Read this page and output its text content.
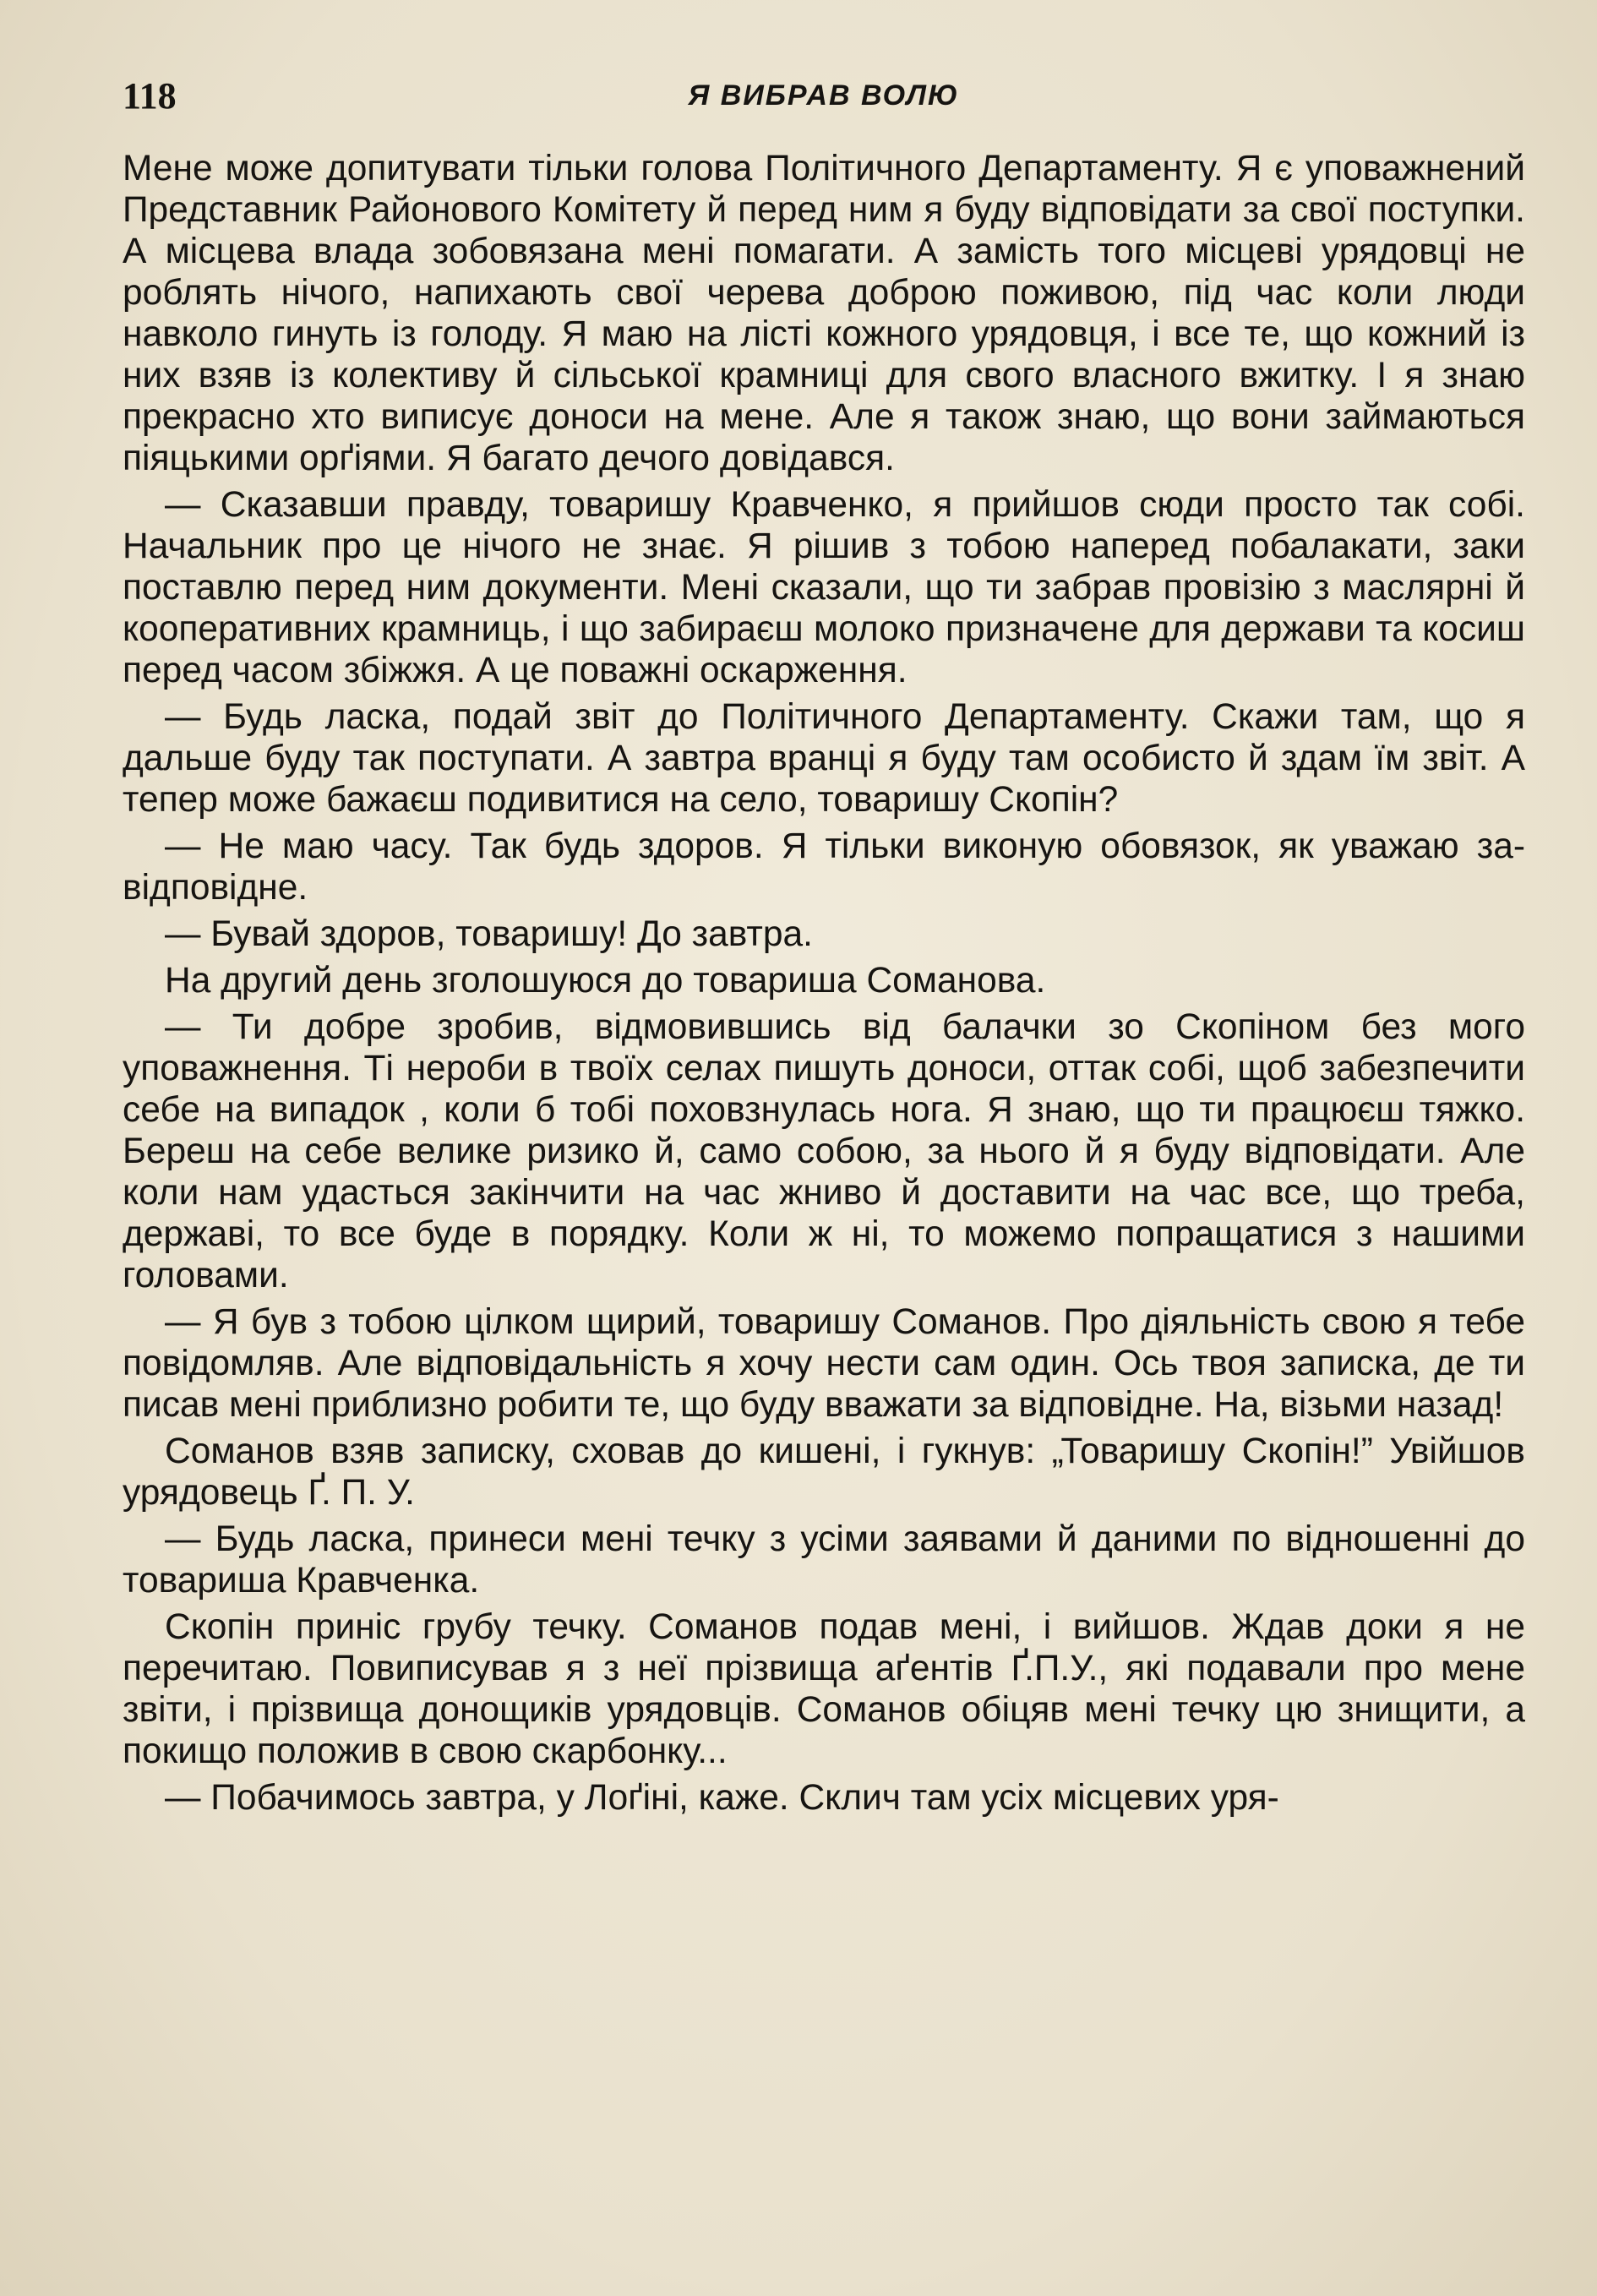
118	Я ВИБРАВ ВОЛЮ

Мене може допитувати тільки голова Політичного Департаменту. Я є уповажнений Представник Районового Комітету й перед ним я буду відповідати за свої поступки. А місцева влада зобовязана мені помагати. А замість того місцеві урядовці не роблять нічого, напихають свої черева доброю поживою, під час коли люди навколо гинуть із голоду. Я маю на лісті кожного урядовця, і все те, що кожний із них взяв із колективу й сільської крамниці для свого власного вжитку. І я знаю прекрасно хто виписує доноси на мене. Але я також знаю, що вони займаються піяцькими орґіями. Я багато дечого довідався.

— Сказавши правду, товаришу Кравченко, я прийшов сюди просто так собі. Начальник про це нічого не знає. Я рішив з тобою наперед побалакати, заки поставлю перед ним документи. Мені сказали, що ти забрав провізію з маслярні й кооперативних крамниць, і що забираєш молоко призначене для держави та косиш перед часом збіжжя. А це поважні оскарження.

— Будь ласка, подай звіт до Політичного Департаменту. Скажи там, що я дальше буду так поступати. А завтра вранці я буду там особисто й здам їм звіт. А тепер може бажаєш подивитися на село, товаришу Скопін?

— Не маю часу. Так будь здоров. Я тільки виконую обовязок, як уважаю за-відповідне.

— Бувай здоров, товаришу! До завтра.

На другий день зголошуюся до товариша Соманова.

— Ти добре зробив, відмовившись від балачки зо Скопіном без мого уповажнення. Ті нероби в твоїх селах пишуть доноси, оттак собі, щоб забезпечити себе на випадок , коли б тобі поховзнулась нога. Я знаю, що ти працюєш тяжко. Береш на себе велике ризико й, само собою, за нього й я буду відповідати. Але коли нам удасться закінчити на час жниво й доставити на час все, що треба, державі, то все буде в порядку. Коли ж ні, то можемо попращатися з нашими головами.

— Я був з тобою цілком щирий, товаришу Соманов. Про діяльність свою я тебе повідомляв. Але відповідальність я хочу нести сам один. Ось твоя записка, де ти писав мені приблизно робити те, що буду вважати за відповідне. На, візьми назад!

Соманов взяв записку, сховав до кишені, і гукнув: „Товаришу Скопін!” Увійшов урядовець Ґ. П. У.

— Будь ласка, принеси мені течку з усіми заявами й даними по відношенні до товариша Кравченка.

Скопін приніс грубу течку. Соманов подав мені, і вийшов. Ждав доки я не перечитаю. Повиписував я з неї прізвища аґентів Ґ.П.У., які подавали про мене звіти, і прізвища донощиків урядовців. Соманов обіцяв мені течку цю знищити, а покищо положив в свою скарбонку...

— Побачимось завтра, у Лоґіні, каже. Склич там усіх місцевих уря-
